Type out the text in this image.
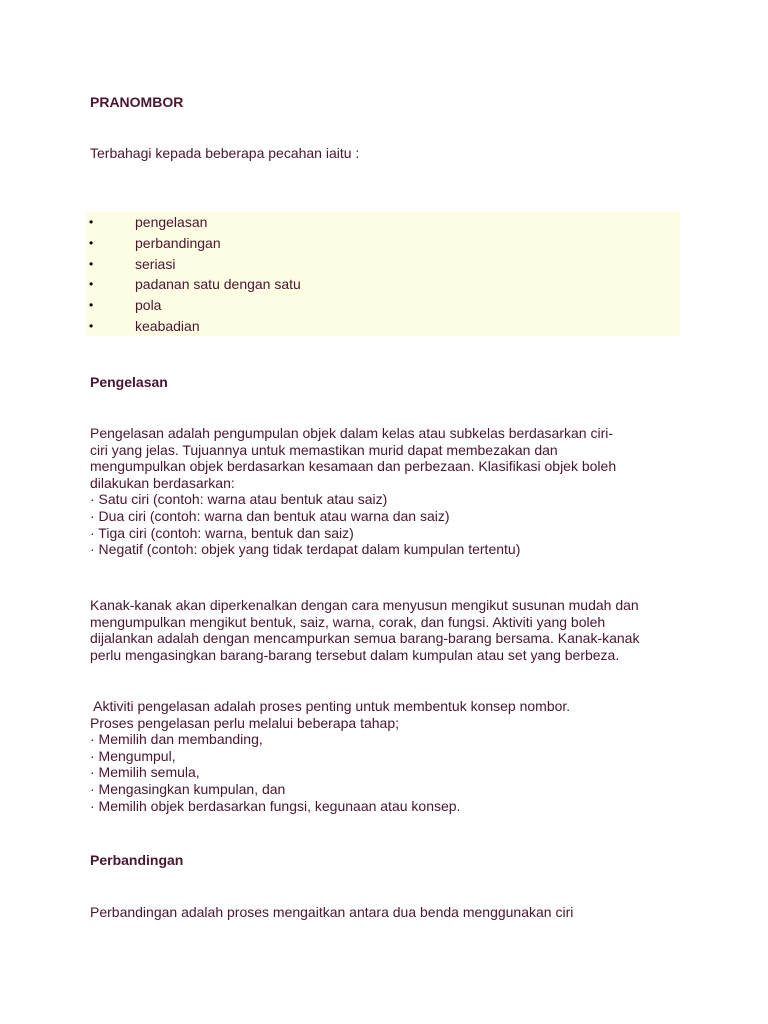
PRANOMBOR

Terbahagi kepada beberapa pecahan iaitu :

•	pengelasan
•	perbandingan
•	seriasi
•	padanan satu dengan satu
•	pola
•	keabadian
Pengelasan

Pengelasan adalah pengumpulan objek dalam kelas atau subkelas berdasarkan ciri-
ciri yang jelas. Tujuannya untuk memastikan murid dapat membezakan dan
mengumpulkan objek berdasarkan kesamaan dan perbezaan. Klasifikasi objek boleh
dilakukan berdasarkan:
· Satu ciri (contoh: warna atau bentuk atau saiz)
· Dua ciri (contoh: warna dan bentuk atau warna dan saiz)
· Tiga ciri (contoh: warna, bentuk dan saiz)
· Negatif (contoh: objek yang tidak terdapat dalam kumpulan tertentu)

Kanak-kanak akan diperkenalkan dengan cara menyusun mengikut susunan mudah dan
mengumpulkan mengikut bentuk, saiz, warna, corak, dan fungsi. Aktiviti yang boleh
dijalankan adalah dengan mencampurkan semua barang-barang bersama. Kanak-kanak
perlu mengasingkan barang-barang tersebut dalam kumpulan atau set yang berbeza.

Aktiviti pengelasan adalah proses penting untuk membentuk konsep nombor.
Proses pengelasan perlu melalui beberapa tahap;
· Memilih dan membanding,
· Mengumpul,
· Memilih semula,
· Mengasingkan kumpulan, dan
· Memilih objek berdasarkan fungsi, kegunaan atau konsep.

Perbandingan

Perbandingan adalah proses mengaitkan antara dua benda menggunakan ciri
